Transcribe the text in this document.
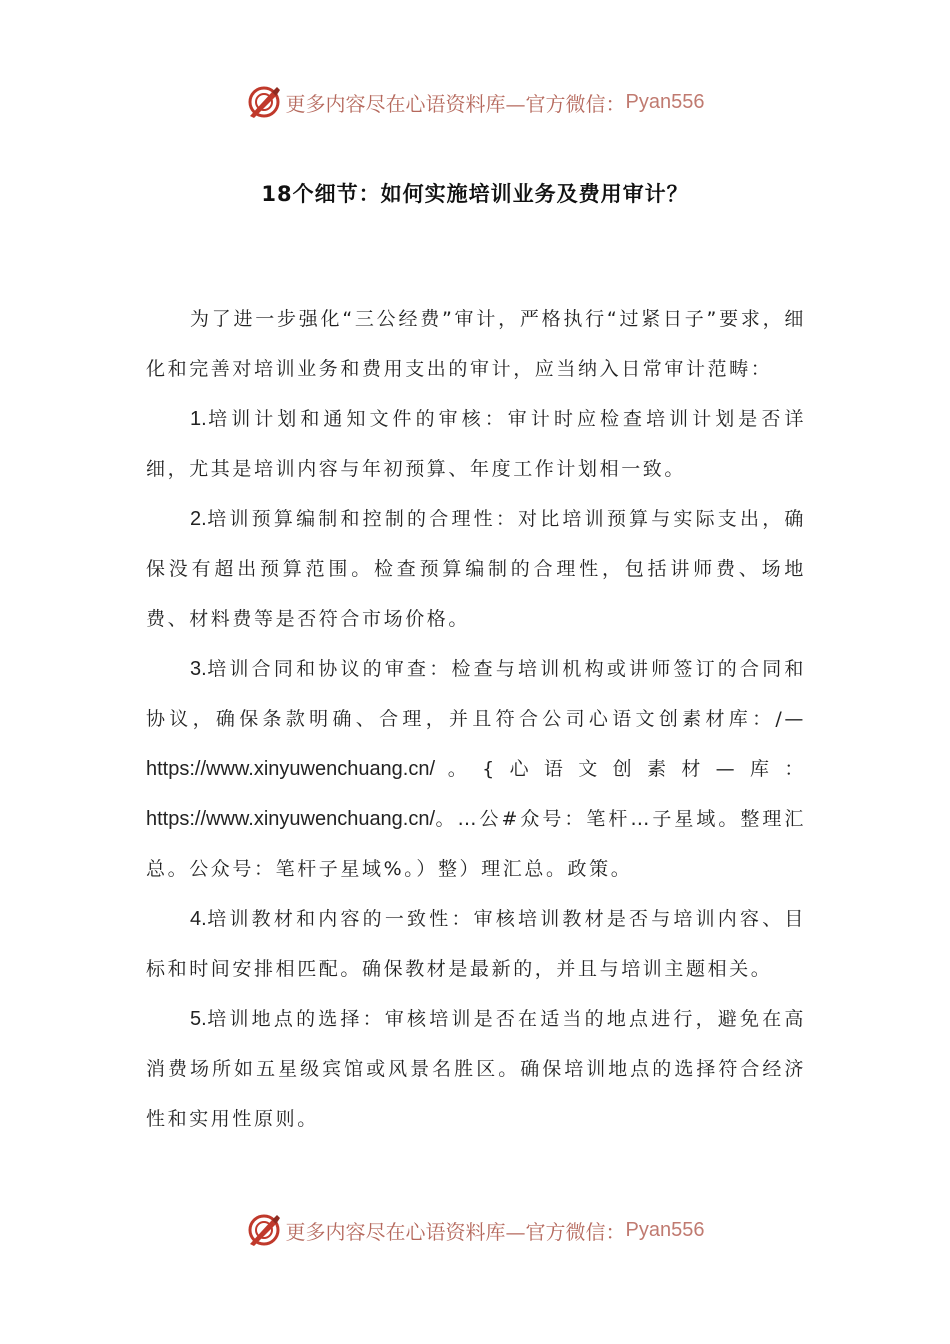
更多内容尽在心语资料库—官方微信： Pyan556
18个细节：如何实施培训业务及费用审计？

为了进一步强化“三公经费”审计，严格执行“过紧日子”要求，细化和完善对培训业务和费用支出的审计，应当纳入日常审计范畴：

1.培训计划和通知文件的审核：审计时应检查培训计划是否详细，尤其是培训内容与年初预算、年度工作计划相一致。

2.培训预算编制和控制的合理性：对比培训预算与实际支出，确保没有超出预算范围。检查预算编制的合理性，包括讲师费、场地费、材料费等是否符合市场价格。

3.培训合同和协议的审查：检查与培训机构或讲师签订的合同和协议，确保条款明确、合理，并且符合公司心语文创素材库：/—https://www.xinyuwenchuang.cn/。{心语文创素材—库：https://www.xinyuwenchuang.cn/。…公#众号：笔杆…子星域。整理汇总。公众号：笔杆子星域%。）整）理汇总。政策。

4.培训教材和内容的一致性：审核培训教材是否与培训内容、目标和时间安排相匹配。确保教材是最新的，并且与培训主题相关。

5.培训地点的选择：审核培训是否在适当的地点进行，避免在高消费场所如五星级宾馆或风景名胜区。确保培训地点的选择符合经济性和实用性原则。

更多内容尽在心语资料库—官方微信： Pyan556
